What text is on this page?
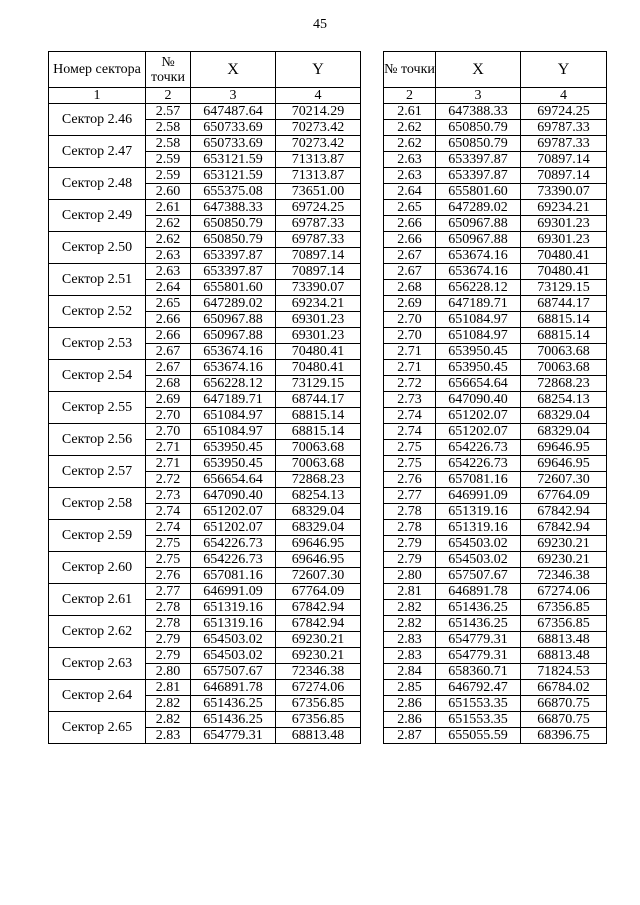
45
Номер сектора	№ точки	X	Y
1	2	3	4
Сектор 2.46	2.57	647487.64	70214.29
	2.58	650733.69	70273.42
Сектор 2.47	2.58	650733.69	70273.42
	2.59	653121.59	71313.87
Сектор 2.48	2.59	653121.59	71313.87
	2.60	655375.08	73651.00
Сектор 2.49	2.61	647388.33	69724.25
	2.62	650850.79	69787.33
Сектор 2.50	2.62	650850.79	69787.33
	2.63	653397.87	70897.14
Сектор 2.51	2.63	653397.87	70897.14
	2.64	655801.60	73390.07
Сектор 2.52	2.65	647289.02	69234.21
	2.66	650967.88	69301.23
Сектор 2.53	2.66	650967.88	69301.23
	2.67	653674.16	70480.41
Сектор 2.54	2.67	653674.16	70480.41
	2.68	656228.12	73129.15
Сектор 2.55	2.69	647189.71	68744.17
	2.70	651084.97	68815.14
Сектор 2.56	2.70	651084.97	68815.14
	2.71	653950.45	70063.68
Сектор 2.57	2.71	653950.45	70063.68
	2.72	656654.64	72868.23
Сектор 2.58	2.73	647090.40	68254.13
	2.74	651202.07	68329.04
Сектор 2.59	2.74	651202.07	68329.04
	2.75	654226.73	69646.95
Сектор 2.60	2.75	654226.73	69646.95
	2.76	657081.16	72607.30
Сектор 2.61	2.77	646991.09	67764.09
	2.78	651319.16	67842.94
Сектор 2.62	2.78	651319.16	67842.94
	2.79	654503.02	69230.21
Сектор 2.63	2.79	654503.02	69230.21
	2.80	657507.67	72346.38
Сектор 2.64	2.81	646891.78	67274.06
	2.82	651436.25	67356.85
Сектор 2.65	2.82	651436.25	67356.85
	2.83	654779.31	68813.48
№ точки	X	Y
2	3	4
2.61	647388.33	69724.25
2.62	650850.79	69787.33
2.62	650850.79	69787.33
2.63	653397.87	70897.14
2.63	653397.87	70897.14
2.64	655801.60	73390.07
2.65	647289.02	69234.21
2.66	650967.88	69301.23
2.66	650967.88	69301.23
2.67	653674.16	70480.41
2.67	653674.16	70480.41
2.68	656228.12	73129.15
2.69	647189.71	68744.17
2.70	651084.97	68815.14
2.70	651084.97	68815.14
2.71	653950.45	70063.68
2.71	653950.45	70063.68
2.72	656654.64	72868.23
2.73	647090.40	68254.13
2.74	651202.07	68329.04
2.74	651202.07	68329.04
2.75	654226.73	69646.95
2.75	654226.73	69646.95
2.76	657081.16	72607.30
2.77	646991.09	67764.09
2.78	651319.16	67842.94
2.78	651319.16	67842.94
2.79	654503.02	69230.21
2.79	654503.02	69230.21
2.80	657507.67	72346.38
2.81	646891.78	67274.06
2.82	651436.25	67356.85
2.82	651436.25	67356.85
2.83	654779.31	68813.48
2.83	654779.31	68813.48
2.84	658360.71	71824.53
2.85	646792.47	66784.02
2.86	651553.35	66870.75
2.86	651553.35	66870.75
2.87	655055.59	68396.75
